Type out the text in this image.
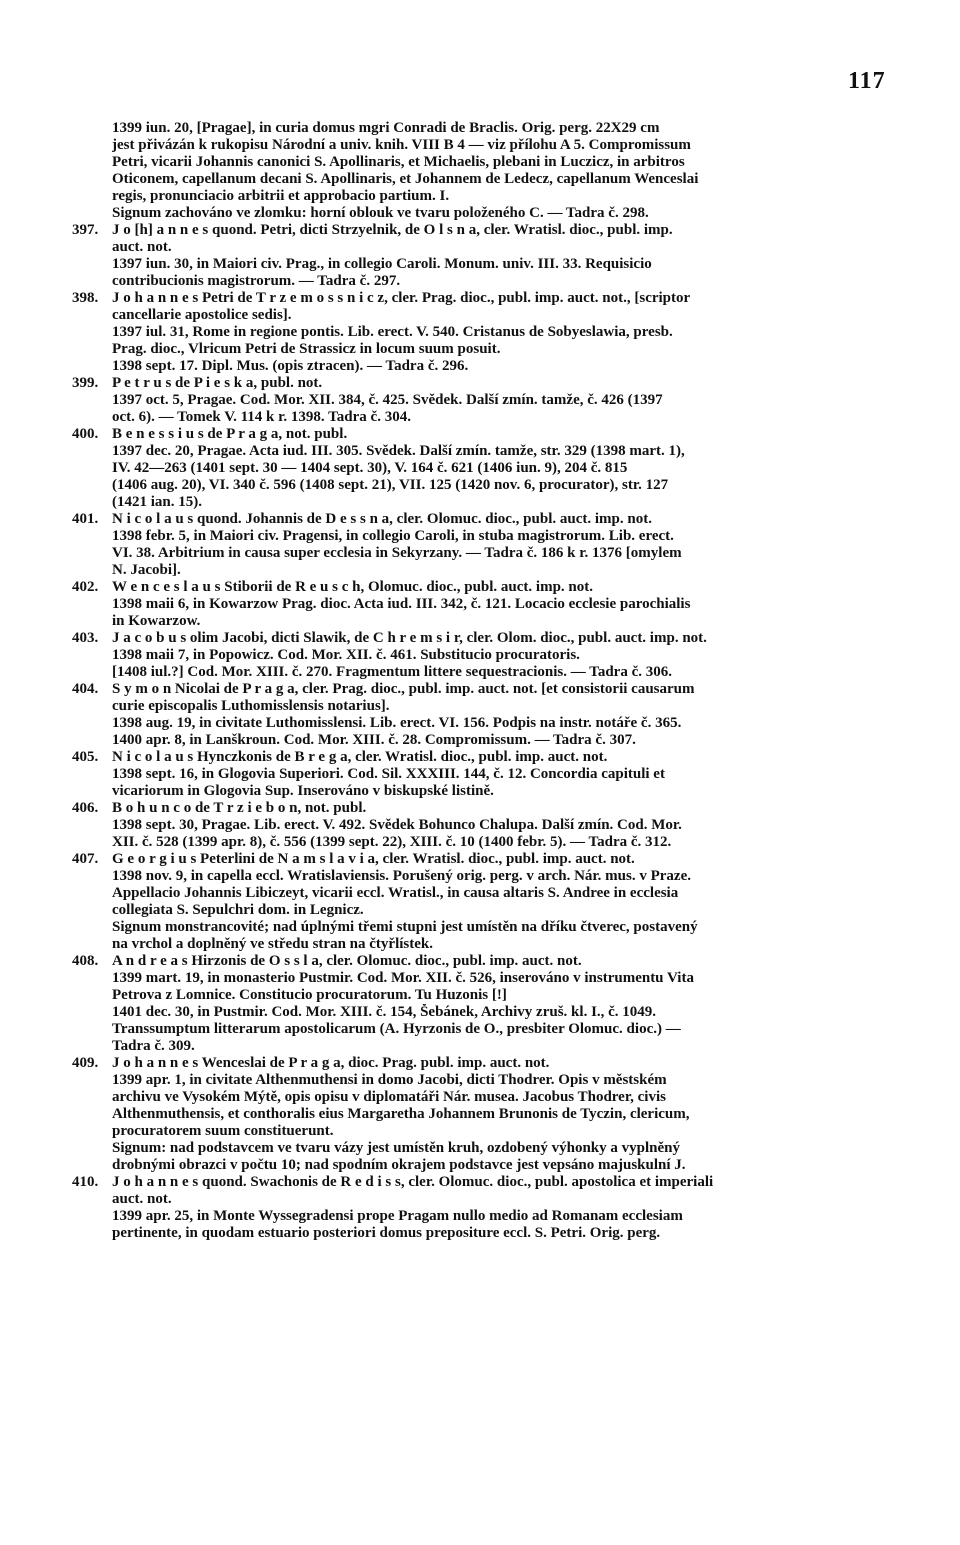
117
1399 iun. 20, [Pragae], in curia domus mgri Conradi de Braclis. Orig. perg. 22X29 cm
jest přivázán k rukopisu Národní a univ. knih. VIII B 4 — viz přílohu A 5. Compromissum
Petri, vicarii Johannis canonici S. Apollinaris, et Michaelis, plebani in Luczicz, in arbitros
Oticonem, capellanum decani S. Apollinaris, et Johannem de Ledecz, capellanum Wenceslai
regis, pronunciacio arbitrii et approbacio partium. I.
Signum zachováno ve zlomku: horní oblouk ve tvaru položeného C. — Tadra č. 298.
397. J o [h] a n n e s quond. Petri, dicti Strzyelnik, de O l s n a, cler. Wratisl. dioc., publ. imp.
auct. not.
1397 iun. 30, in Maiori civ. Prag., in collegio Caroli. Monum. univ. III. 33. Requisicio
contribucionis magistrorum. — Tadra č. 297.
398. J o h a n n e s Petri de T r z e m o s s n i c z, cler. Prag. dioc., publ. imp. auct. not., [scriptor
cancellarie apostolice sedis].
1397 iul. 31, Rome in regione pontis. Lib. erect. V. 540. Cristanus de Sobyeslawia, presb.
Prag. dioc., Vlricum Petri de Strassicz in locum suum posuit.
1398 sept. 17. Dipl. Mus. (opis ztracen). — Tadra č. 296.
399. P e t r u s de P i e s k a, publ. not.
1397 oct. 5, Pragae. Cod. Mor. XII. 384, č. 425. Svědek. Další zmín. tamže, č. 426 (1397
oct. 6). — Tomek V. 114 k r. 1398. Tadra č. 304.
400. B e n e s s i u s de P r a g a, not. publ.
1397 dec. 20, Pragae. Acta iud. III. 305. Svědek. Další zmín. tamže, str. 329 (1398 mart. 1),
IV. 42—263 (1401 sept. 30 — 1404 sept. 30), V. 164 č. 621 (1406 iun. 9), 204 č. 815
(1406 aug. 20), VI. 340 č. 596 (1408 sept. 21), VII. 125 (1420 nov. 6, procurator), str. 127
(1421 ian. 15).
401. N i c o l a u s quond. Johannis de D e s s n a, cler. Olomuc. dioc., publ. auct. imp. not.
1398 febr. 5, in Maiori civ. Pragensi, in collegio Caroli, in stuba magistrorum. Lib. erect.
VI. 38. Arbitrium in causa super ecclesia in Sekyrzany. — Tadra č. 186 k r. 1376 [omylem
N. Jacobi].
402. W e n c e s l a u s Stiborii de R e u s c h, Olomuc. dioc., publ. auct. imp. not.
1398 maii 6, in Kowarzow Prag. dioc. Acta iud. III. 342, č. 121. Locacio ecclesie parochialis
in Kowarzow.
403. J a c o b u s olim Jacobi, dicti Slawik, de C h r e m s i r, cler. Olom. dioc., publ. auct. imp. not.
1398 maii 7, in Popowicz. Cod. Mor. XII. č. 461. Substitucio procuratoris.
[1408 iul.?] Cod. Mor. XIII. č. 270. Fragmentum littere sequestracionis. — Tadra č. 306.
404. S y m o n Nicolai de P r a g a, cler. Prag. dioc., publ. imp. auct. not. [et consistorii causarum
curie episcopalis Luthomisslensis notarius].
1398 aug. 19, in civitate Luthomisslensi. Lib. erect. VI. 156. Podpis na instr. notáře č. 365.
1400 apr. 8, in Lanškroun. Cod. Mor. XIII. č. 28. Compromissum. — Tadra č. 307.
405. N i c o l a u s Hynczkonis de B r e g a, cler. Wratisl. dioc., publ. imp. auct. not.
1398 sept. 16, in Glogovia Superiori. Cod. Sil. XXXIII. 144, č. 12. Concordia capituli et
vicariorum in Glogovia Sup. Inserováno v biskupské listině.
406. B o h u n c o de T r z i e b o n, not. publ.
1398 sept. 30, Pragae. Lib. erect. V. 492. Svědek Bohunco Chalupa. Další zmín. Cod. Mor.
XII. č. 528 (1399 apr. 8), č. 556 (1399 sept. 22), XIII. č. 10 (1400 febr. 5). — Tadra č. 312.
407. G e o r g i u s Peterlini de N a m s l a v i a, cler. Wratisl. dioc., publ. imp. auct. not.
1398 nov. 9, in capella eccl. Wratislaviensis. Porušený orig. perg. v arch. Nár. mus. v Praze.
Appellacio Johannis Libiczeyt, vicarii eccl. Wratisl., in causa altaris S. Andree in ecclesia
collegiata S. Sepulchri dom. in Legnicz.
Signum monstrancovité; nad úplnými třemi stupni jest umístěn na dříku čtverec, postavený
na vrchol a doplněný ve středu stran na čtyřlístek.
408. A n d r e a s Hirzonis de O s s l a, cler. Olomuc. dioc., publ. imp. auct. not.
1399 mart. 19, in monasterio Pustmir. Cod. Mor. XII. č. 526, inserováno v instrumentu Vita
Petrova z Lomnice. Constitucio procuratorum. Tu Huzonis [!]
1401 dec. 30, in Pustmir. Cod. Mor. XIII. č. 154, Šebánek, Archivy zruš. kl. I., č. 1049.
Transsumptum litterarum apostolicarum (A. Hyrzonis de O., presbiter Olomuc. dioc.) —
Tadra č. 309.
409. J o h a n n e s Wenceslai de P r a g a, dioc. Prag. publ. imp. auct. not.
1399 apr. 1, in civitate Althenmuthensi in domo Jacobi, dicti Thodrer. Opis v městském
archivu ve Vysokém Mýtě, opis opisu v diplomatáři Nár. musea. Jacobus Thodrer, civis
Althenmuthensis, et conthoralis eius Margaretha Johannem Brunonis de Tyczin, clericum,
procuratorem suum constituerunt.
Signum: nad podstavcem ve tvaru vázy jest umístěn kruh, ozdobený výhonky a vyplněný
drobnými obrazci v počtu 10; nad spodním okrajem podstavce jest vepsáno majuskulní J.
410. J o h a n n e s quond. Swachonis de R e d i s s, cler. Olomuc. dioc., publ. apostolica et imperiali
auct. not.
1399 apr. 25, in Monte Wyssegradensi prope Pragam nullo medio ad Romanam ecclesiam
pertinente, in quodam estuario posteriori domus prepositure eccl. S. Petri. Orig. perg.
